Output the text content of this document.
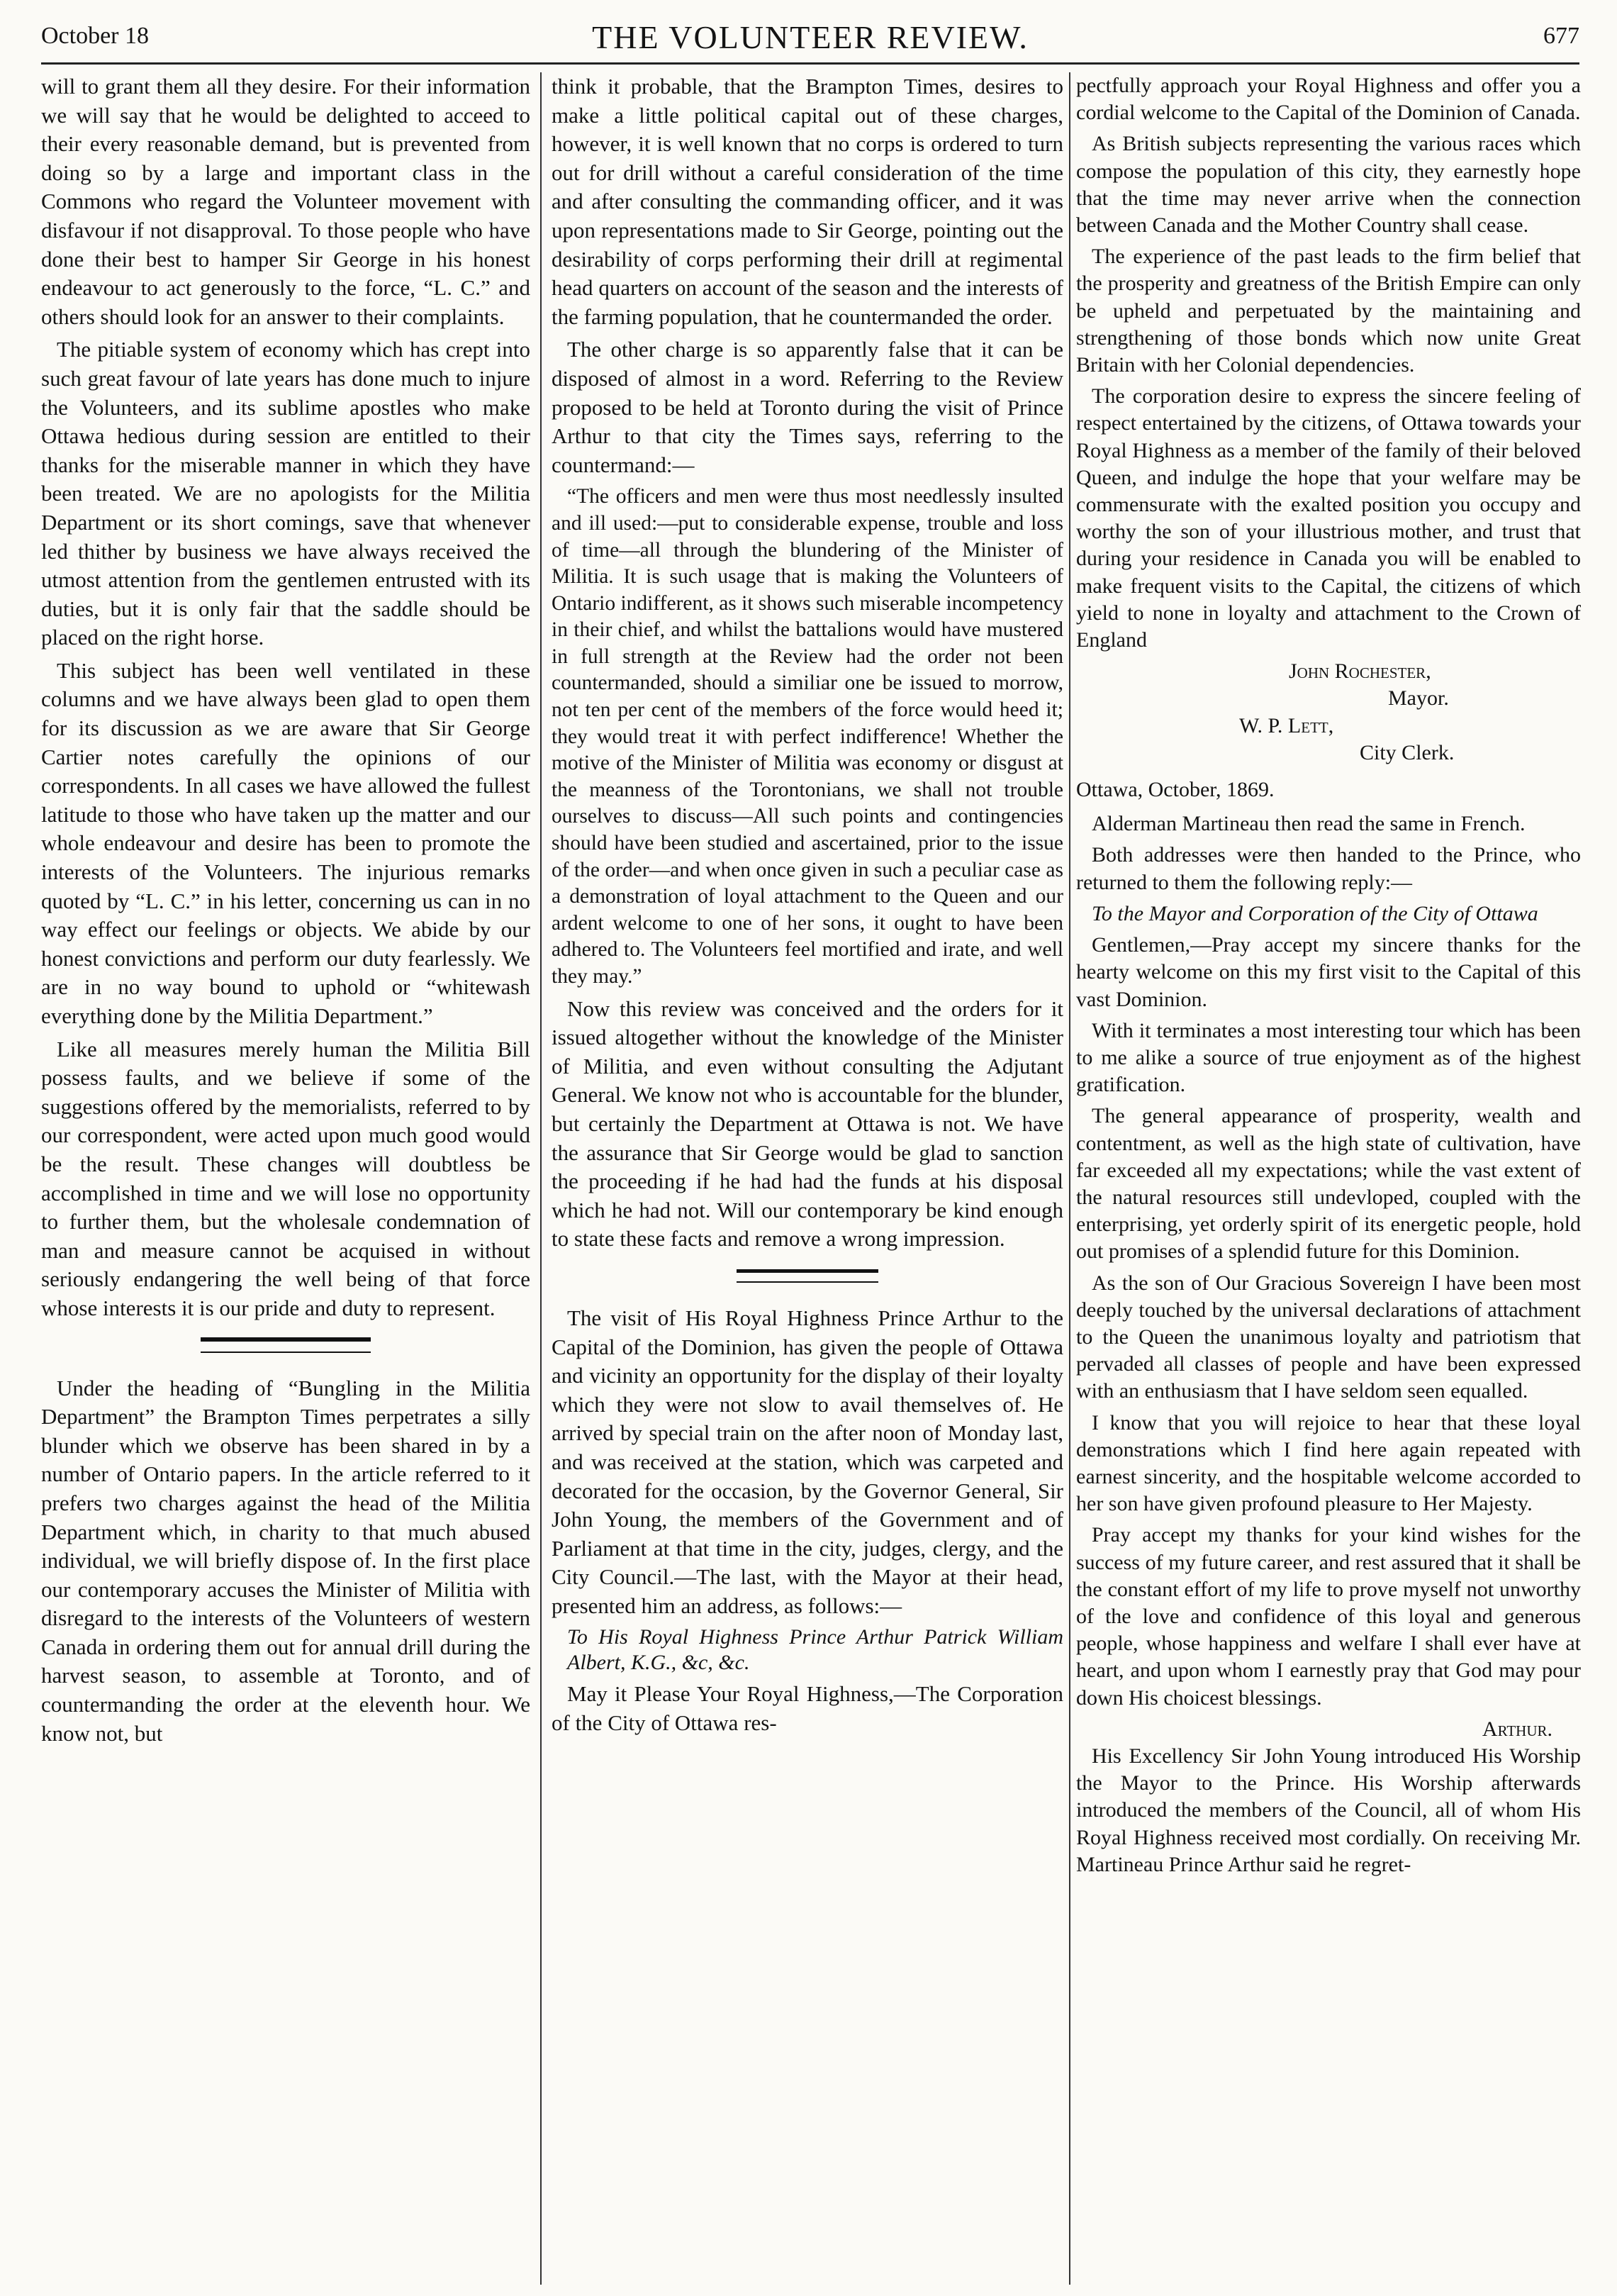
October 18	THE VOLUNTEER REVIEW.	677

will to grant them all they desire. For their information we will say that he would be delighted to acceed to their every reasonable demand, but is prevented from doing so by a large and important class in the Commons who regard the Volunteer movement with disfavour if not disapproval. To those people who have done their best to hamper Sir George in his honest endeavour to act generously to the force, “L. C.” and others should look for an answer to their complaints.

The pitiable system of economy which has crept into such great favour of late years has done much to injure the Volunteers, and its sublime apostles who make Ottawa hedious during session are entitled to their thanks for the miserable manner in which they have been treated. We are no apologists for the Militia Department or its short comings, save that whenever led thither by business we have always received the utmost attention from the gentlemen entrusted with its duties, but it is only fair that the saddle should be placed on the right horse.

This subject has been well ventilated in these columns and we have always been glad to open them for its discussion as we are aware that Sir George Cartier notes carefully the opinions of our correspondents. In all cases we have allowed the fullest latitude to those who have taken up the matter and our whole endeavour and desire has been to promote the interests of the Volunteers. The injurious remarks quoted by “L. C.” in his letter, concerning us can in no way effect our feelings or objects. We abide by our honest convictions and perform our duty fearlessly. We are in no way bound to uphold or “whitewash everything done by the Militia Department.”

Like all measures merely human the Militia Bill possess faults, and we believe if some of the suggestions offered by the memorialists, referred to by our correspondent, were acted upon much good would be the result. These changes will doubtless be accomplished in time and we will lose no opportunity to further them, but the wholesale condemnation of man and measure cannot be acquised in without seriously endangering the well being of that force whose interests it is our pride and duty to represent.

Under the heading of “Bungling in the Militia Department” the Brampton Times perpetrates a silly blunder which we observe has been shared in by a number of Ontario papers. In the article referred to it prefers two charges against the head of the Militia Department which, in charity to that much abused individual, we will briefly dispose of. In the first place our contemporary accuses the Minister of Militia with disregard to the interests of the Volunteers of western Canada in ordering them out for annual drill during the harvest season, to assemble at Toronto, and of countermanding the order at the eleventh hour. We know not, but

think it probable, that the Brampton Times, desires to make a little political capital out of these charges, however, it is well known that no corps is ordered to turn out for drill without a careful consideration of the time and after consulting the commanding officer, and it was upon representations made to Sir George, pointing out the desirability of corps performing their drill at regimental head quarters on account of the season and the interests of the farming population, that he countermanded the order.

The other charge is so apparently false that it can be disposed of almost in a word. Referring to the Review proposed to be held at Toronto during the visit of Prince Arthur to that city the Times says, referring to the countermand:—

“The officers and men were thus most needlessly insulted and ill used:—put to considerable expense, trouble and loss of time—all through the blundering of the Minister of Militia. It is such usage that is making the Volunteers of Ontario indifferent, as it shows such miserable incompetency in their chief, and whilst the battalions would have mustered in full strength at the Review had the order not been countermanded, should a similiar one be issued to morrow, not ten per cent of the members of the force would heed it; they would treat it with perfect indifference! Whether the motive of the Minister of Militia was economy or disgust at the meanness of the Torontonians, we shall not trouble ourselves to discuss—All such points and contingencies should have been studied and ascertained, prior to the issue of the order—and when once given in such a peculiar case as a demonstration of loyal attachment to the Queen and our ardent welcome to one of her sons, it ought to have been adhered to. The Volunteers feel mortified and irate, and well they may.”

Now this review was conceived and the orders for it issued altogether without the knowledge of the Minister of Militia, and even without consulting the Adjutant General. We know not who is accountable for the blunder, but certainly the Department at Ottawa is not. We have the assurance that Sir George would be glad to sanction the proceeding if he had had the funds at his disposal which he had not. Will our contemporary be kind enough to state these facts and remove a wrong impression.

The visit of His Royal Highness Prince Arthur to the Capital of the Dominion, has given the people of Ottawa and vicinity an opportunity for the display of their loyalty which they were not slow to avail themselves of. He arrived by special train on the after noon of Monday last, and was received at the station, which was carpeted and decorated for the occasion, by the Governor General, Sir John Young, the members of the Government and of Parliament at that time in the city, judges, clergy, and the City Council.—The last, with the Mayor at their head, presented him an address, as follows:—

To His Royal Highness Prince Arthur Patrick William Albert, K.G., &c, &c.

May it Please Your Royal Highness,—The Corporation of the City of Ottawa res-

pectfully approach your Royal Highness and offer you a cordial welcome to the Capital of the Dominion of Canada.

As British subjects representing the various races which compose the population of this city, they earnestly hope that the time may never arrive when the connection between Canada and the Mother Country shall cease.

The experience of the past leads to the firm belief that the prosperity and greatness of the British Empire can only be upheld and perpetuated by the maintaining and strengthening of those bonds which now unite Great Britain with her Colonial dependencies.

The corporation desire to express the sincere feeling of respect entertained by the citizens, of Ottawa towards your Royal Highness as a member of the family of their beloved Queen, and indulge the hope that your welfare may be commensurate with the exalted position you occupy and worthy the son of your illustrious mother, and trust that during your residence in Canada you will be enabled to make frequent visits to the Capital, the citizens of which yield to none in loyalty and attachment to the Crown of England

John Rochester,

Mayor.

W. P. Lett,

City Clerk.

Ottawa, October, 1869.

Alderman Martineau then read the same in French.

Both addresses were then handed to the Prince, who returned to them the following reply:—

To the Mayor and Corporation of the City of Ottawa

Gentlemen,—Pray accept my sincere thanks for the hearty welcome on this my first visit to the Capital of this vast Dominion.

With it terminates a most interesting tour which has been to me alike a source of true enjoyment as of the highest gratification.

The general appearance of prosperity, wealth and contentment, as well as the high state of cultivation, have far exceeded all my expectations; while the vast extent of the natural resources still undevloped, coupled with the enterprising, yet orderly spirit of its energetic people, hold out promises of a splendid future for this Dominion.

As the son of Our Gracious Sovereign I have been most deeply touched by the universal declarations of attachment to the Queen the unanimous loyalty and patriotism that pervaded all classes of people and have been expressed with an enthusiasm that I have seldom seen equalled.

I know that you will rejoice to hear that these loyal demonstrations which I find here again repeated with earnest sincerity, and the hospitable welcome accorded to her son have given profound pleasure to Her Majesty.

Pray accept my thanks for your kind wishes for the success of my future career, and rest assured that it shall be the constant effort of my life to prove myself not unworthy of the love and confidence of this loyal and generous people, whose happiness and welfare I shall ever have at heart, and upon whom I earnestly pray that God may pour down His choicest blessings.

Arthur.

His Excellency Sir John Young introduced His Worship the Mayor to the Prince. His Worship afterwards introduced the members of the Council, all of whom His Royal Highness received most cordially. On receiving Mr. Martineau Prince Arthur said he regret-
